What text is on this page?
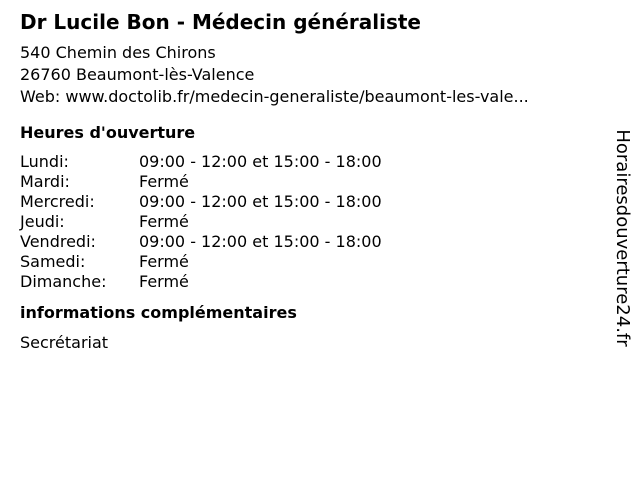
Dr Lucile Bon - Médecin généraliste
540 Chemin des Chirons
26760 Beaumont-lès-Valence
Web: www.doctolib.fr/medecin-generaliste/beaumont-les-vale...
Heures d'ouverture
Lundi:	09:00 - 12:00 et 15:00 - 18:00
Mardi:	Fermé
Mercredi:	09:00 - 12:00 et 15:00 - 18:00
Jeudi:	Fermé
Vendredi:	09:00 - 12:00 et 15:00 - 18:00
Samedi:	Fermé
Dimanche:	Fermé
informations complémentaires
Secrétariat	Horairesdouverture24.fr
